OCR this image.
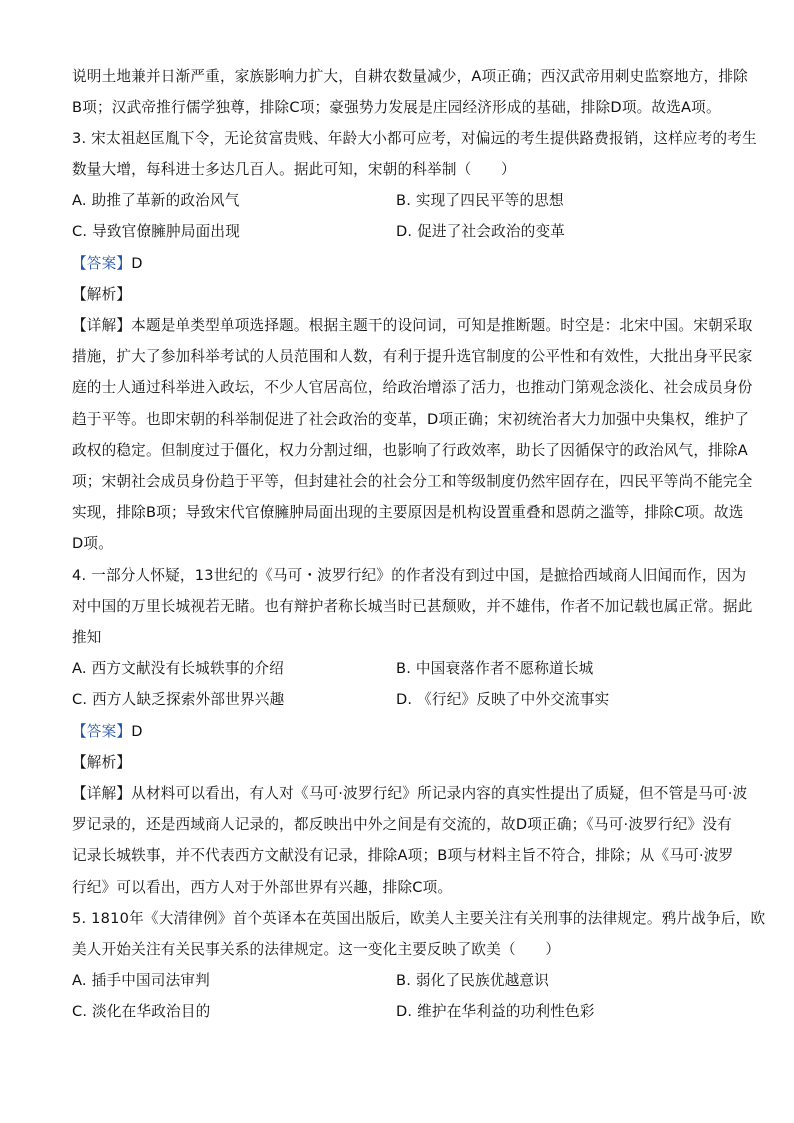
说明土地兼并日渐严重，家族影响力扩大，自耕农数量减少，A项正确；西汉武帝用刺史监察地方，排除
B项；汉武帝推行儒学独尊，排除C项；豪强势力发展是庄园经济形成的基础，排除D项。故选A项。
3. 宋太祖赵匡胤下令，无论贫富贵贱、年龄大小都可应考，对偏远的考生提供路费报销，这样应考的考生
数量大增，每科进士多达几百人。据此可知，宋朝的科举制（　　）
A. 助推了革新的政治风气	B. 实现了四民平等的思想
C. 导致官僚臃肿局面出现	D. 促进了社会政治的变革
【答案】D
【解析】
【详解】本题是单类型单项选择题。根据主题干的设问词，可知是推断题。时空是：北宋中国。宋朝采取
措施，扩大了参加科举考试的人员范围和人数，有利于提升选官制度的公平性和有效性，大批出身平民家
庭的士人通过科举进入政坛，不少人官居高位，给政治增添了活力，也推动门第观念淡化、社会成员身份
趋于平等。也即宋朝的科举制促进了社会政治的变革，D项正确；宋初统治者大力加强中央集权，维护了
政权的稳定。但制度过于僵化，权力分割过细，也影响了行政效率，助长了因循保守的政治风气，排除A
项；宋朝社会成员身份趋于平等，但封建社会的社会分工和等级制度仍然牢固存在，四民平等尚不能完全
实现，排除B项；导致宋代官僚臃肿局面出现的主要原因是机构设置重叠和恩荫之滥等，排除C项。故选
D项。
4. 一部分人怀疑，13世纪的《马可・波罗行纪》的作者没有到过中国，是摭拾西域商人旧闻而作，因为
对中国的万里长城视若无睹。也有辩护者称长城当时已甚颓败，并不雄伟，作者不加记载也属正常。据此
推知
A. 西方文献没有长城轶事的介绍	B. 中国衰落作者不愿称道长城
C. 西方人缺乏探索外部世界兴趣	D. 《行纪》反映了中外交流事实
【答案】D
【解析】
【详解】从材料可以看出，有人对《马可·波罗行纪》所记录内容的真实性提出了质疑，但不管是马可·波
罗记录的，还是西域商人记录的，都反映出中外之间是有交流的，故D项正确；《马可·波罗行纪》没有
记录长城轶事，并不代表西方文献没有记录，排除A项；B项与材料主旨不符合，排除；从《马可·波罗
行纪》可以看出，西方人对于外部世界有兴趣，排除C项。
5. 1810年《大清律例》首个英译本在英国出版后，欧美人主要关注有关刑事的法律规定。鸦片战争后，欧
美人开始关注有关民事关系的法律规定。这一变化主要反映了欧美（　　）
A. 插手中国司法审判	B. 弱化了民族优越意识
C. 淡化在华政治目的	D. 维护在华利益的功利性色彩
